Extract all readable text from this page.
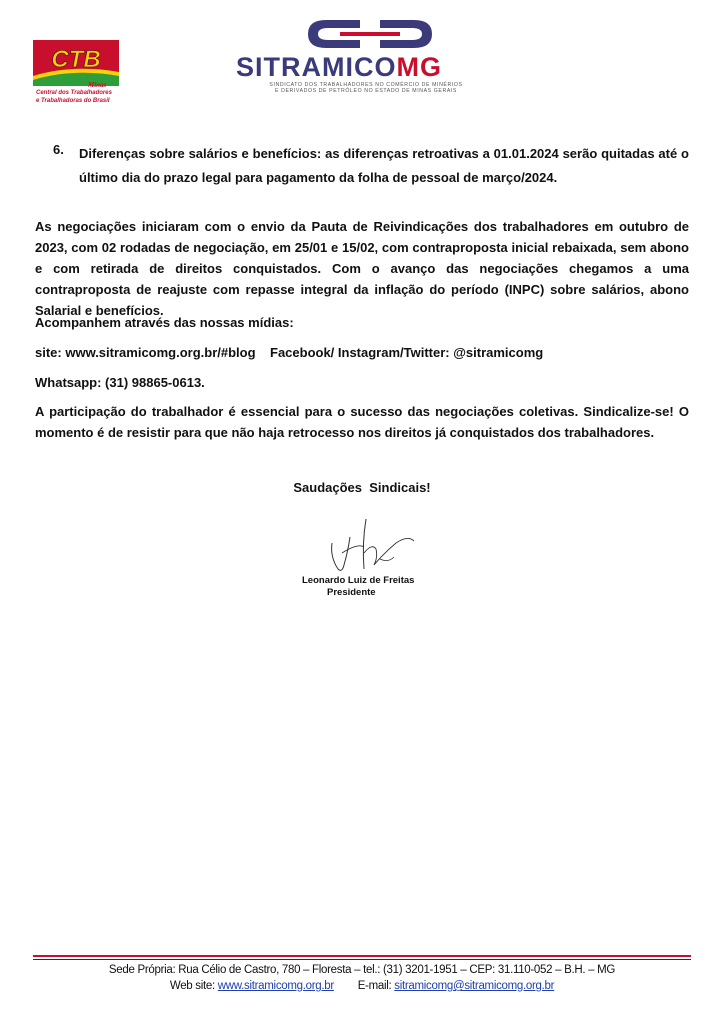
CTB
Minas
Central dos Trabalhadores
e Trabalhadoras do Brasil
SITRAMICOMG
SINDICATO DOS TRABALHADORES NO COMÉRCIO DE MINÉRIOS
E DERIVADOS DE PETRÓLEO NO ESTADO DE MINAS GERAIS
6. Diferenças sobre salários e benefícios: as diferenças retroativas a 01.01.2024 serão quitadas até o
último dia do prazo legal para pagamento da folha de pessoal de março/2024.
As negociações iniciaram com o envio da Pauta de Reivindicações dos trabalhadores em outubro de 2023, com 02 rodadas de negociação, em 25/01 e 15/02, com contraproposta inicial rebaixada, sem abono e com retirada de direitos conquistados. Com o avanço das negociações chegamos a uma contraproposta de reajuste com repasse integral da inflação do período (INPC) sobre salários, abono Salarial e benefícios.
Acompanhem através das nossas mídias:
site: www.sitramicomg.org.br/#blog    Facebook/ Instagram/Twitter: @sitramicomg
Whatsapp: (31) 98865-0613.
A participação do trabalhador é essencial para o sucesso das negociações coletivas. Sindicalize-se! O momento é de resistir para que não haja retrocesso nos direitos já conquistados dos trabalhadores.
Saudações  Sindicais!
Leonardo Luiz de Freitas
Presidente
Sede Própria: Rua Célio de Castro, 780 – Floresta – tel.: (31) 3201-1951 – CEP: 31.110-052 – B.H. – MG
Web site: www.sitramicomg.org.br E-mail: sitramicomg@sitramicomg.org.br
